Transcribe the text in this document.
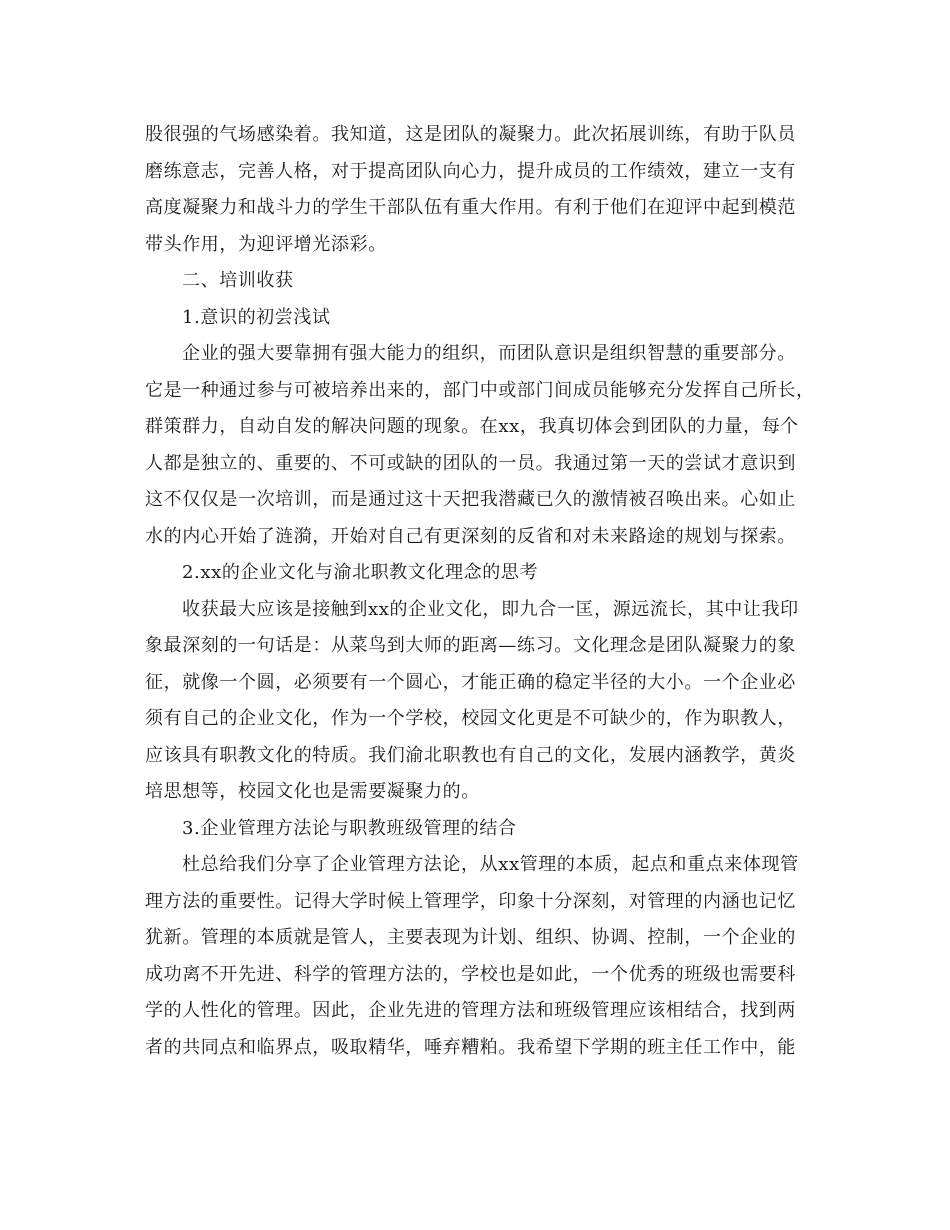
股很强的气场感染着。我知道，这是团队的凝聚力。此次拓展训练，有助于队员
磨练意志，完善人格，对于提高团队向心力，提升成员的工作绩效，建立一支有
高度凝聚力和战斗力的学生干部队伍有重大作用。有利于他们在迎评中起到模范
带头作用，为迎评增光添彩。
二、培训收获
1.意识的初尝浅试
企业的强大要靠拥有强大能力的组织，而团队意识是组织智慧的重要部分。
它是一种通过参与可被培养出来的，部门中或部门间成员能够充分发挥自己所长，
群策群力，自动自发的解决问题的现象。在xx，我真切体会到团队的力量，每个
人都是独立的、重要的、不可或缺的团队的一员。我通过第一天的尝试才意识到
这不仅仅是一次培训，而是通过这十天把我潜藏已久的激情被召唤出来。心如止
水的内心开始了涟漪，开始对自己有更深刻的反省和对未来路途的规划与探索。
2.xx的企业文化与渝北职教文化理念的思考
收获最大应该是接触到xx的企业文化，即九合一匡，源远流长，其中让我印
象最深刻的一句话是：从菜鸟到大师的距离—练习。文化理念是团队凝聚力的象
征，就像一个圆，必须要有一个圆心，才能正确的稳定半径的大小。一个企业必
须有自己的企业文化，作为一个学校，校园文化更是不可缺少的，作为职教人，
应该具有职教文化的特质。我们渝北职教也有自己的文化，发展内涵教学，黄炎
培思想等，校园文化也是需要凝聚力的。
3.企业管理方法论与职教班级管理的结合
杜总给我们分享了企业管理方法论，从xx管理的本质，起点和重点来体现管
理方法的重要性。记得大学时候上管理学，印象十分深刻，对管理的内涵也记忆
犹新。管理的本质就是管人，主要表现为计划、组织、协调、控制，一个企业的
成功离不开先进、科学的管理方法的，学校也是如此，一个优秀的班级也需要科
学的人性化的管理。因此，企业先进的管理方法和班级管理应该相结合，找到两
者的共同点和临界点，吸取精华，唾弃糟粕。我希望下学期的班主任工作中，能
